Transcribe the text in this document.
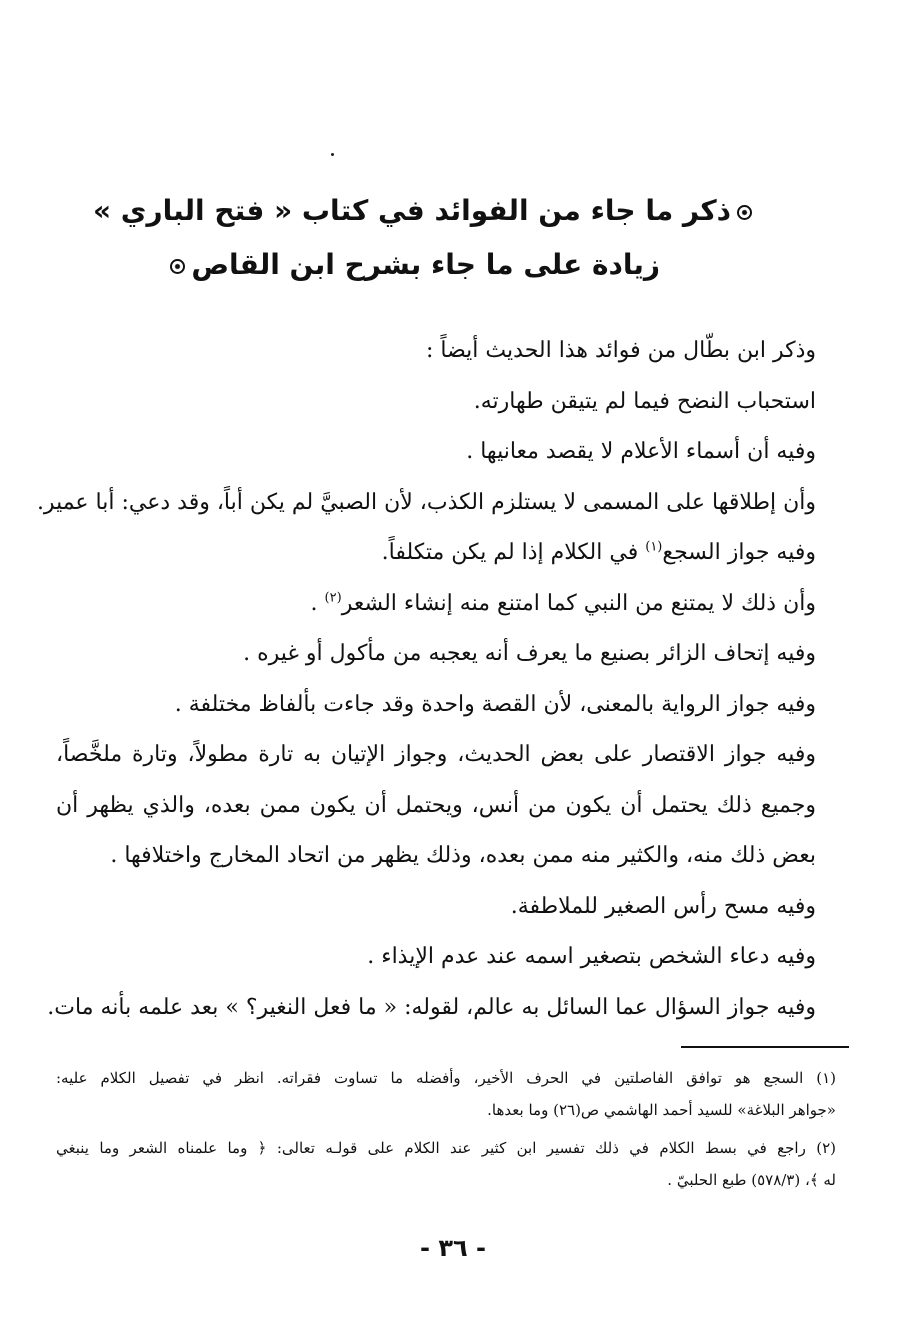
ذكر ما جاء من الفوائد في كتاب « فتح الباري »
زيادة على ما جاء بشرح ابن القاص
وذكر ابن بطّال من فوائد هذا الحديث أيضاً :
استحباب النضح فيما لم يتيقن طهارته.
وفيه أن أسماء الأعلام لا يقصد معانيها .
وأن إطلاقها على المسمى لا يستلزم الكذب، لأن الصبيَّ لم يكن أباً، وقد دعي: أبا عمير.
وفيه جواز السجع$^{(١)}$ في الكلام إذا لم يكن متكلفاً.
وأن ذلك لا يمتنع من النبي كما امتنع منه إنشاء الشعر$^{(٢)}$ .
وفيه إتحاف الزائر بصنيع ما يعرف أنه يعجبه من مأكول أو غيره .
وفيه جواز الرواية بالمعنى، لأن القصة واحدة وقد جاءت بألفاظ مختلفة .
وفيه جواز الاقتصار على بعض الحديث، وجواز الإتيان به تارة مطولاً، وتارة ملخَّصاً،
وجميع ذلك يحتمل أن يكون من أنس، ويحتمل أن يكون ممن بعده، والذي يظهر أن
بعض ذلك منه، والكثير منه ممن بعده، وذلك يظهر من اتحاد المخارج واختلافها .
وفيه مسح رأس الصغير للملاطفة.
وفيه دعاء الشخص بتصغير اسمه عند عدم الإيذاء .
وفيه جواز السؤال عما السائل به عالم، لقوله: « ما فعل النغير؟ » بعد علمه بأنه مات.
(١) السجع هو توافق الفاصلتين في الحرف الأخير، وأفضله ما تساوت فقراته. انظر في تفصيل الكلام عليه:
«جواهر البلاغة» للسيد أحمد الهاشمي ص(٢٦) وما بعدها.
(٢) راجع في بسط الكلام في ذلك تفسير ابن كثير عند الكلام على قولـه تعالى: ﴿ وما علمناه الشعر وما ينبغي
له ﴾، (٥٧٨/٣) طبع الحلبيّ .
- ٣٦ -
